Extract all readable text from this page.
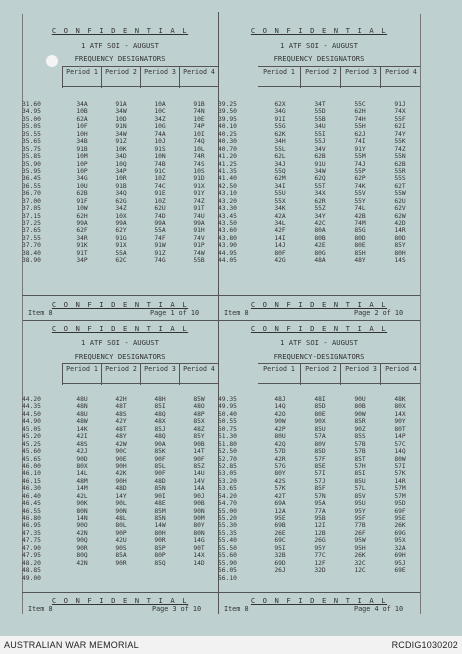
C O N F I D E N T I A L
1 ATF SOI - AUGUST
FREQUENCY DESIGNATORS
Period 1	Period 2	Period 3	Period 4
31.60	34A	91A	10A	91B
34.95	10B	34W	10C	74N
35.00	62A	10D	34Z	10E
35.05	10F	91N	10G	74P
35.55	10H	34W	74A	10I
35.65	34B	91Z	10J	74Q
35.75	91B	10K	91S	10L
35.85	10M	34D	10N	74R
35.90	10P	10Q	74B	74S
35.95	10P	34P	91C	10S
36.45	34G	10R	10Z	91D
36.55	10U	91B	74C	91X
36.70	62B	34Q	91E	91Y
37.00	91F	62G	10Z	74Z
37.05	10W	34Z	62U	91T
37.15	62H	10X	74D	74U
37.25	99A	99A	99A	99A
37.65	62F	62Y	55A	91H
37.55	34R	91G	74F	74V
37.70	91K	91X	91W	91P
38.40	91T	55A	91Z	74W
38.90	34P	62C	74G	55B
C O N F I D E N T I A L
Item 8	Page 1 of 10
C O N F I D E N T I A L
1 ATF SOI - AUGUST
FREQUENCY DESIGNATORS
Period 1	Period 2	Period 3	Period 4
39.25	62X	34T	55C	91J
39.50	34G	55D	62H	74X
39.95	91I	55B	74H	55F
40.10	55G	34U	55H	62I
40.25	62K	55I	62J	74Y
40.30	34H	55J	74I	55K
40.70	55L	34V	91Y	74Z
41.20	62L	62B	55M	55N
41.25	34J	91U	74J	62B
41.35	55Q	34W	55P	55R
41.40	62M	62Q	62P	55S
42.50	34I	55T	74K	62T
43.10	55U	34X	55V	55W
43.20	55X	62R	55Y	62U
43.30	34K	55Z	74L	62V
43.45	42A	34Y	42B	62W
43.50	34L	42C	74M	42D
43.60	42F	80A	85G	14R
43.80	14I	80B	80D	80D
43.90	14J	42E	80E	85Y
44.95	80F	80G	85H	80H
44.05	42G	48A	48Y	14S
C O N F I D E N T I A L
Item 8	Page 2 of 10
C O N F I D E N T I A L
1 ATF SOI - AUGUST
FREQUENCY DESIGNATORS
Period 1	Period 2	Period 3	Period 4
44.20	48U	42H	48H	85W
44.35	48N	48T	85I	48O
44.50	48U	48S	48Q	48P
44.90	48W	42Y	48X	85X
45.05	14K	48T	85J	48Z
45.20	42I	48Y	48Q	85Y
45.25	48S	42W	90A	90B
45.60	42J	90C	85K	14T
45.65	90D	90E	90F	90F
46.00	80X	90H	85L	85Z
46.10	14L	42K	90F	14U
46.15	48M	90H	48D	14V
46.30	14M	48D	85N	14A
46.40	42L	14Y	90I	90J
46.45	90K	90L	48E	90B
46.55	80N	90N	85M	90N
46.80	14N	48L	85N	90M
46.95	90O	80L	14W	80Y
47.35	42N	90P	80H	80N
47.75	90Q	42U	90R	14G
47.90	90R	90S	85P	90T
47.95	80Q	85A	80P	14X
48.20	42N	90R	85Q	14D
48.85
49.00
C O N F I D E N T I A L
Item 8	Page 3 of 10
C O N F I D E N T I A L
1 ATF SOI - AUGUST
FREQUENCY-DESIGNATORS
Period 1	Period 2	Period 3	Period 4
49.35	48J	48I	90U	48K
49.95	14Q	85D	80B	80X
50.40	42O	80E	90W	14X
50.55	90W	90X	85R	90Y
50.75	42P	85U	90Z	80T
51.30	80U	57A	85S	14P
51.80	42Q	80V	57B	57C
52.50	57D	85D	57B	14Q
52.70	42R	57F	85T	80W
52.85	57G	85E	57H	57I
53.05	80Y	57I	85I	57K
53.20	42S	57J	85U	14R
53.65	57K	85F	57L	57M
54.20	42T	57N	85V	57M
54.70	69A	95A	95U	95D
55.00	12A	77A	95Y	69F
55.20	95E	95B	95F	95E
55.30	69B	12I	77B	26K
55.35	26E	12B	26F	69G
55.40	69C	26G	95W	95X
55.50	95I	95Y	95H	32A
55.60	32B	77C	26K	69H
55.90	69D	12F	32C	95J
56.05	26J	32D	12C	69E
56.10
C O N F I D E N T I A L
Item 8	Page 4 of 10
AUSTRALIAN WAR MEMORIAL	RCDIG1030202
